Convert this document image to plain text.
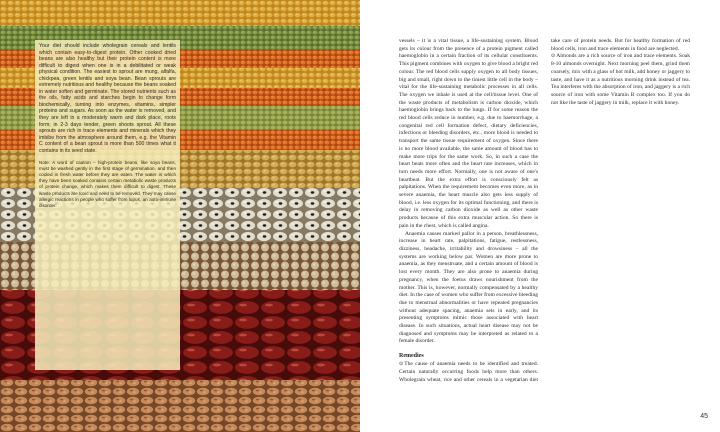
Your diet should include wholegrain cereals and lentils which contain easy-to-digest protein. Other cooked dried beans are also healthy but their protein content is more difficult to digest when one is in a debilitated or weak physical condition. The easiest to sprout are mung, alfalfa, chickpea, green lentils and soya bean. Bean sprouts are extremely nutritious and healthy because the beans soaked in water soften and germinate. The stored nutrients such as the oils, fatty acids and starches begin to change form biochemically, turning into enzymes, vitamins, simpler proteins and sugars. As soon as the water is removed, and they are left in a moderately warm and dark place, roots form; in 2-3 days tender, green shoots sprout. All these sprouts are rich in trace elements and minerals which they imbibe from the atmosphere around them, e.g. the Vitamin C content of a bean sprout is more than 500 times what it contains in its seed state.

Note: A word of caution – high-protein beans, like soya beans, must be washed gently in the first stage of germination, and then cooled in fresh water before they are eaten. The water in which they have been soaked contains certain metabolic waste products of protein change, which makes them difficult to digest. These waste products are toxic and need to be removed. They may cause allergic reactions in people who suffer from lupus, an auto-immune disorder.

vessels – it is a vital tissue, a life-sustaining system. Blood gets its colour from the presence of a protein pigment called haemoglobin in a certain fraction of its cellular constituents. This pigment combines with oxygen to give blood a bright red colour. The red blood cells supply oxygen to all body tissues, big and small, right down to the tiniest little cell in the body – vital for the life-sustaining metabolic processes in all cells. The oxygen we inhale is used at the cell/tissue level. One of the waste products of metabolism is carbon dioxide, which haemoglobin brings back to the lungs. If for some reason the red blood cells reduce in number, e.g. due to haemorrhage, a congenital red cell formation defect, dietary deficiencies, infections or bleeding disorders, etc., more blood is needed to transport the same tissue requirement of oxygen. Since there is no more blood available, the same amount of blood has to make more trips for the same work. So, in such a case the heart beats more often and the heart rate increases, which in turn needs more effort. Normally, one is not aware of one's heartbeat. But the extra effort is consciously felt as palpitations. When the requirement becomes even more, as in severe anaemia, the heart muscle also gets less supply of blood, i.e. less oxygen for its optimal functioning, and there is delay in removing carbon dioxide as well as other waste products because of this extra muscular action. So there is pain in the chest, which is called angina.

Anaemia causes marked pallor in a person, breathlessness, increase in heart rate, palpitations, fatigue, restlessness, dizziness, headache, irritability and drowsiness – all the systems are working below par. Women are more prone to anaemia, as they menstruate, and a certain amount of blood is lost every month. They are also prone to anaemia during pregnancy, when the foetus draws nourishment from the mother. This is, however, normally compensated by a healthy diet. In the case of women who suffer from excessive bleeding due to menstrual abnormalities or have repeated pregnancies without adequate spacing, anaemia sets in early, and its presenting symptoms mimic those associated with heart disease. In such situations, actual heart disease may not be diagnosed and symptoms may be interpreted as related to a female disorder.

Remedies

⊙The cause of anaemia needs to be identified and treated. Certain naturally occurring foods help more than others. Wholegrain wheat, rice and other cereals in a vegetarian diet take care of protein needs. But for healthy formation of red blood cells, iron and trace elements in food are neglected.

⊙Almonds are a rich source of iron and trace elements. Soak 8-10 almonds overnight. Next morning peel them, grind them coarsely, mix with a glass of hot milk, add honey or jaggery to taste, and have it as a nutritious morning drink instead of tea. Tea interferes with the absorption of iron, and jaggery is a rich source of iron with some Vitamin B complex too. If you do not like the taste of jaggery in milk, replace it with honey.

45
